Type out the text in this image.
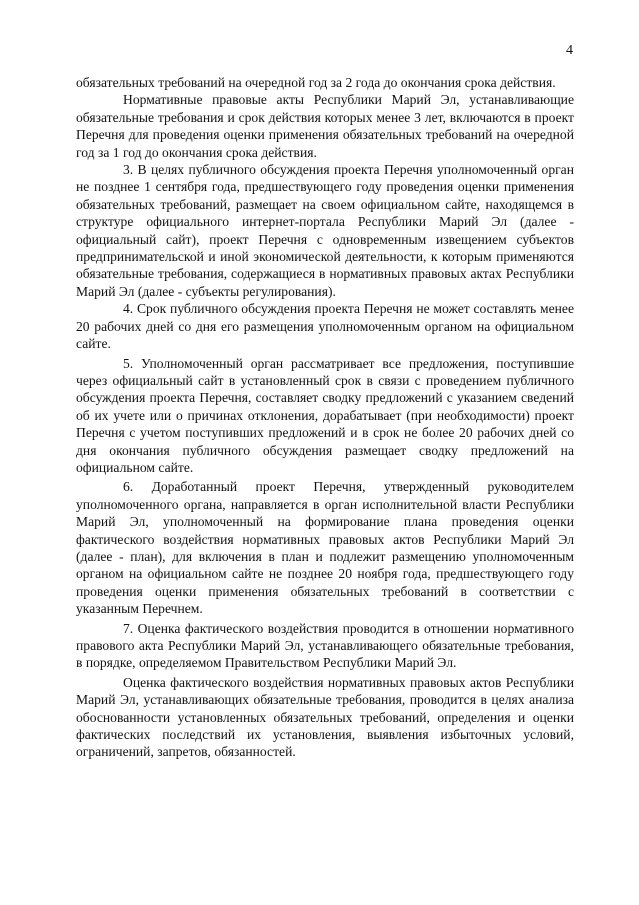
4

обязательных требований на очередной год за 2 года до окончания срока действия.

Нормативные правовые акты Республики Марий Эл, устанавливающие обязательные требования и срок действия которых менее 3 лет, включаются в проект Перечня для проведения оценки применения обязательных требований на очередной год за 1 год до окончания срока действия.

3. В целях публичного обсуждения проекта Перечня уполномоченный орган не позднее 1 сентября года, предшествующего году проведения оценки применения обязательных требований, размещает на своем официальном сайте, находящемся в структуре официального интернет-портала Республики Марий Эл (далее - официальный сайт), проект Перечня с одновременным извещением субъектов предпринимательской и иной экономической деятельности, к которым применяются обязательные требования, содержащиеся в нормативных правовых актах Республики Марий Эл (далее - субъекты регулирования).

4. Срок публичного обсуждения проекта Перечня не может составлять менее 20 рабочих дней со дня его размещения уполномоченным органом на официальном сайте.

5. Уполномоченный орган рассматривает все предложения, поступившие через официальный сайт в установленный срок в связи с проведением публичного обсуждения проекта Перечня, составляет сводку предложений с указанием сведений об их учете или о причинах отклонения, дорабатывает (при необходимости) проект Перечня с учетом поступивших предложений и в срок не более 20 рабочих дней со дня окончания публичного обсуждения размещает сводку предложений на официальном сайте.

6. Доработанный проект Перечня, утвержденный руководителем уполномоченного органа, направляется в орган исполнительной власти Республики Марий Эл, уполномоченный на формирование плана проведения оценки фактического воздействия нормативных правовых актов Республики Марий Эл (далее - план), для включения в план и подлежит размещению уполномоченным органом на официальном сайте не позднее 20 ноября года, предшествующего году проведения оценки применения обязательных требований в соответствии с указанным Перечнем.

7. Оценка фактического воздействия проводится в отношении нормативного правового акта Республики Марий Эл, устанавливающего обязательные требования, в порядке, определяемом Правительством Республики Марий Эл.

Оценка фактического воздействия нормативных правовых актов Республики Марий Эл, устанавливающих обязательные требования, проводится в целях анализа обоснованности установленных обязательных требований, определения и оценки фактических последствий их установления, выявления избыточных условий, ограничений, запретов, обязанностей.
